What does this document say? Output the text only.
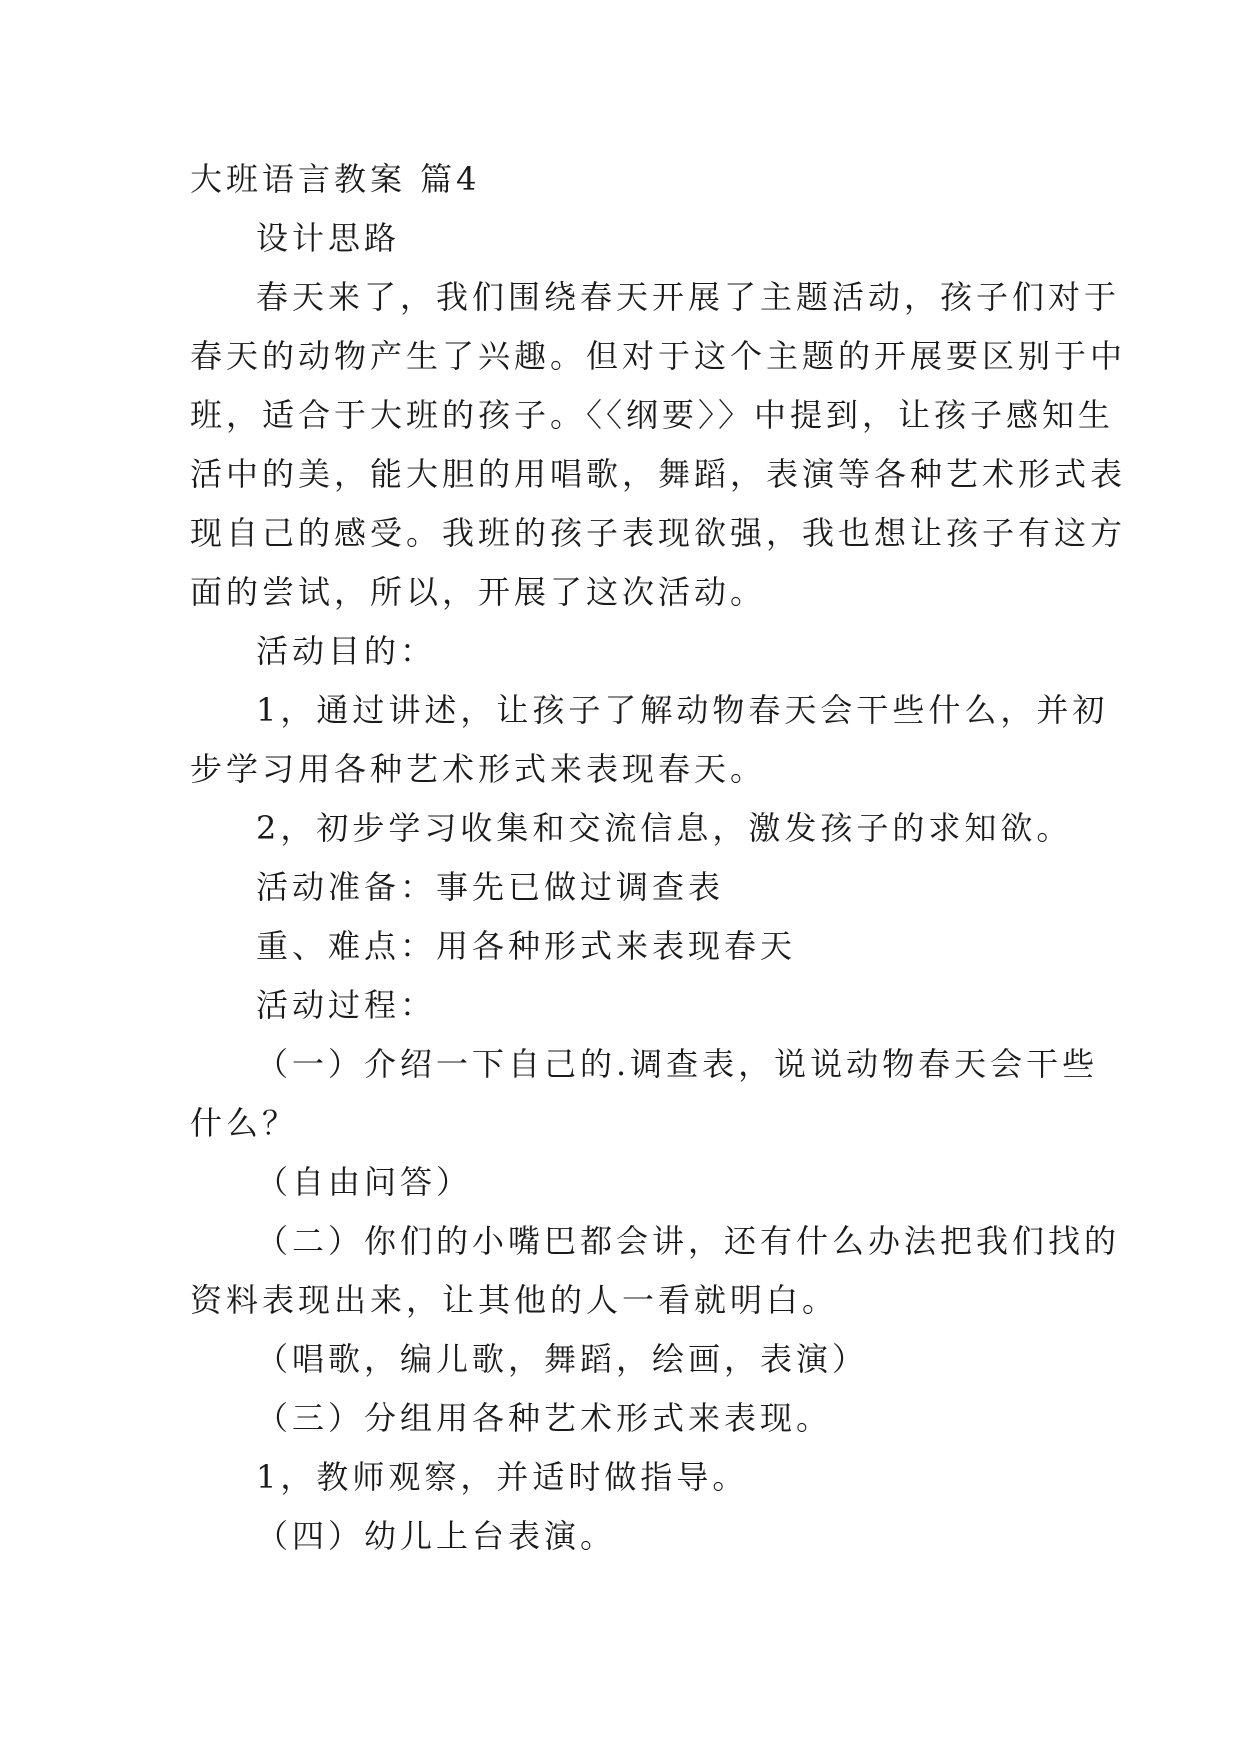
大班语言教案 篇4
设计思路
春天来了，我们围绕春天开展了主题活动，孩子们对于
春天的动物产生了兴趣。但对于这个主题的开展要区别于中
班，适合于大班的孩子。〈〈纲要〉〉中提到，让孩子感知生
活中的美，能大胆的用唱歌，舞蹈，表演等各种艺术形式表
现自己的感受。我班的孩子表现欲强，我也想让孩子有这方
面的尝试，所以，开展了这次活动。
活动目的：
1，通过讲述，让孩子了解动物春天会干些什么，并初
步学习用各种艺术形式来表现春天。
2，初步学习收集和交流信息，激发孩子的求知欲。
活动准备：事先已做过调查表
重、难点：用各种形式来表现春天
活动过程：
（一）介绍一下自己的.调查表，说说动物春天会干些
什么？
（自由问答）
（二）你们的小嘴巴都会讲，还有什么办法把我们找的
资料表现出来，让其他的人一看就明白。
（唱歌，编儿歌，舞蹈，绘画，表演）
（三）分组用各种艺术形式来表现。
1，教师观察，并适时做指导。
（四）幼儿上台表演。
